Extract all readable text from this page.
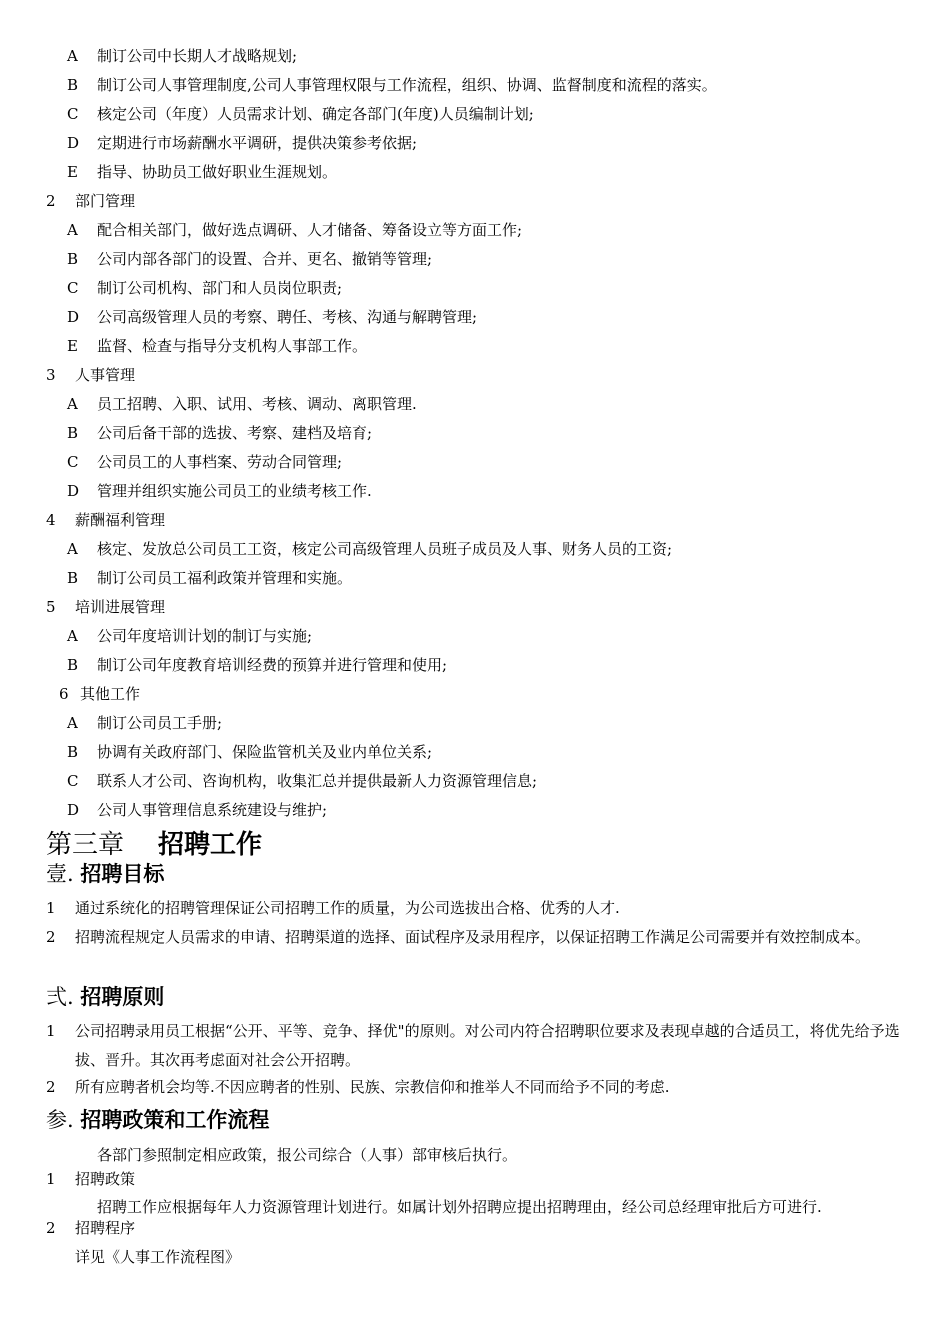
A 制订公司中长期人才战略规划;
B 制订公司人事管理制度,公司人事管理权限与工作流程，组织、协调、监督制度和流程的落实。
C 核定公司（年度）人员需求计划、确定各部门(年度)人员编制计划;
D 定期进行市场薪酬水平调研，提供决策参考依据;
E 指导、协助员工做好职业生涯规划。
2 部门管理
A 配合相关部门，做好选点调研、人才储备、筹备设立等方面工作;
B 公司内部各部门的设置、合并、更名、撤销等管理;
C 制订公司机构、部门和人员岗位职责;
D 公司高级管理人员的考察、聘任、考核、沟通与解聘管理;
E 监督、检查与指导分支机构人事部工作。
3 人事管理
A 员工招聘、入职、试用、考核、调动、离职管理.
B 公司后备干部的选拔、考察、建档及培育;
C 公司员工的人事档案、劳动合同管理;
D 管理并组织实施公司员工的业绩考核工作.
4 薪酬福利管理
A 核定、发放总公司员工工资，核定公司高级管理人员班子成员及人事、财务人员的工资;
B 制订公司员工福利政策并管理和实施。
5 培训进展管理
A 公司年度培训计划的制订与实施;
B 制订公司年度教育培训经费的预算并进行管理和使用;
6 其他工作
A 制订公司员工手册;
B 协调有关政府部门、保险监管机关及业内单位关系;
C 联系人才公司、咨询机构，收集汇总并提供最新人力资源管理信息;
D 公司人事管理信息系统建设与维护;
第三章 招聘工作
壹. 招聘目标
1 通过系统化的招聘管理保证公司招聘工作的质量，为公司选拔出合格、优秀的人才.
2 招聘流程规定人员需求的申请、招聘渠道的选择、面试程序及录用程序，以保证招聘工作满足公司需要并有效控制成本。
弍. 招聘原则
1 公司招聘录用员工根据“公开、平等、竞争、择优"的原则。对公司内符合招聘职位要求及表现卓越的合适员工，将优先给予选拔、晋升。其次再考虑面对社会公开招聘。
2 所有应聘者机会均等.不因应聘者的性别、民族、宗教信仰和推举人不同而给予不同的考虑.
参. 招聘政策和工作流程
各部门参照制定相应政策，报公司综合（人事）部审核后执行。
1 招聘政策
招聘工作应根据每年人力资源管理计划进行。如属计划外招聘应提出招聘理由，经公司总经理审批后方可进行.
2 招聘程序
详见《人事工作流程图》
